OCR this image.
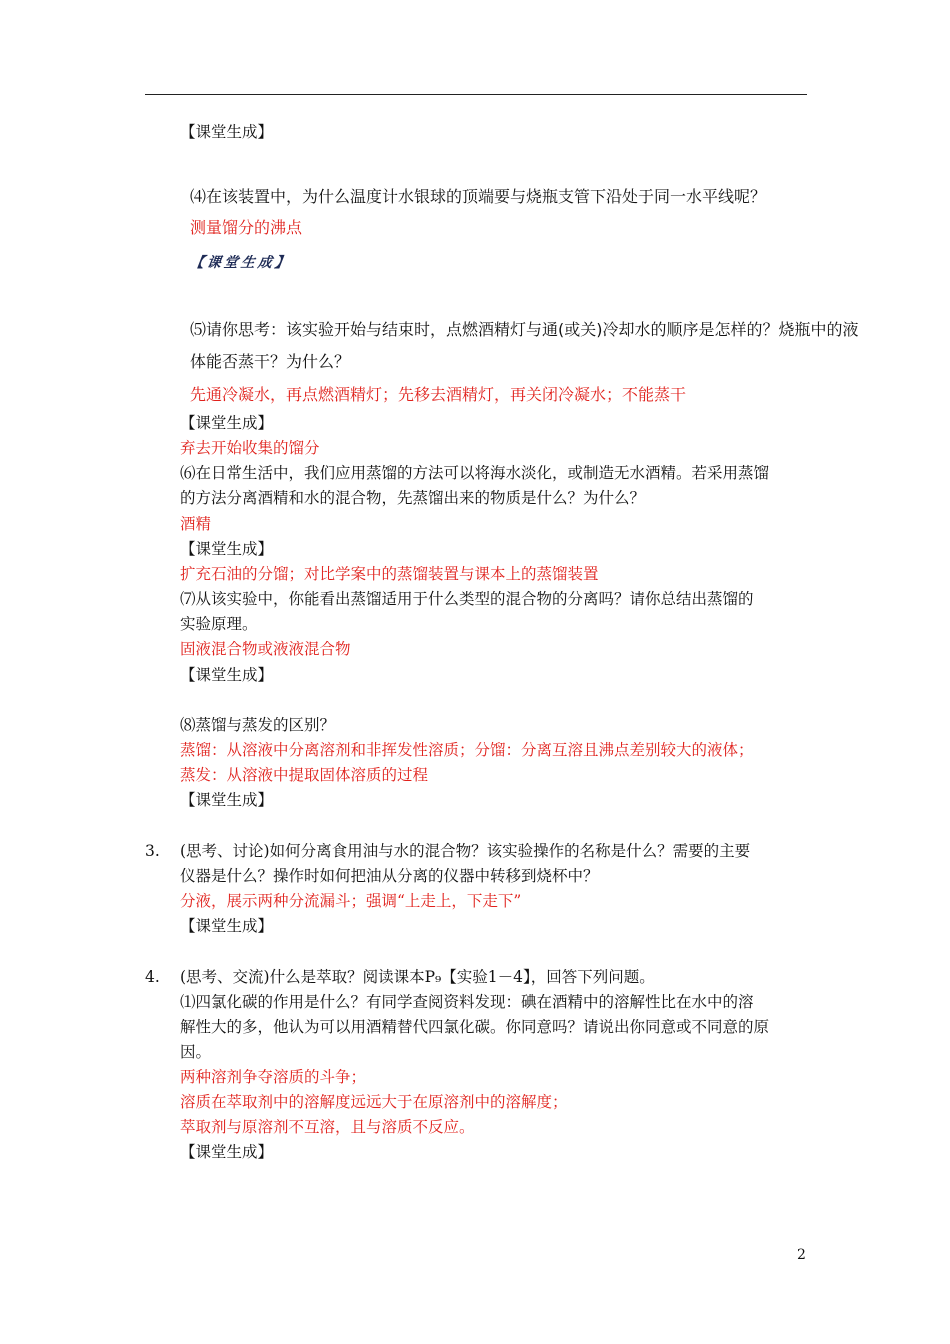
【课堂生成】
⑷在该装置中，为什么温度计水银球的顶端要与烧瓶支管下沿处于同一水平线呢？
测量馏分的沸点
【课堂生成】
⑸请你思考：该实验开始与结束时，点燃酒精灯与通(或关)冷却水的顺序是怎样的？烧瓶中的液
体能否蒸干？为什么？
先通冷凝水，再点燃酒精灯；先移去酒精灯，再关闭冷凝水；不能蒸干
【课堂生成】
弃去开始收集的馏分
⑹在日常生活中，我们应用蒸馏的方法可以将海水淡化，或制造无水酒精。若采用蒸馏
的方法分离酒精和水的混合物，先蒸馏出来的物质是什么？为什么？
酒精
【课堂生成】
扩充石油的分馏；对比学案中的蒸馏装置与课本上的蒸馏装置
⑺从该实验中，你能看出蒸馏适用于什么类型的混合物的分离吗？请你总结出蒸馏的
实验原理。
固液混合物或液液混合物
【课堂生成】
⑻蒸馏与蒸发的区别？
蒸馏：从溶液中分离溶剂和非挥发性溶质；分馏：分离互溶且沸点差别较大的液体；
蒸发：从溶液中提取固体溶质的过程
【课堂生成】
3. (思考、讨论)如何分离食用油与水的混合物？该实验操作的名称是什么？需要的主要
仪器是什么？操作时如何把油从分离的仪器中转移到烧杯中？
分液，展示两种分流漏斗；强调“上走上，下走下”
【课堂生成】
4. (思考、交流)什么是萃取？阅读课本P₉【实验1－4】，回答下列问题。
⑴四氯化碳的作用是什么？有同学查阅资料发现：碘在酒精中的溶解性比在水中的溶
解性大的多，他认为可以用酒精替代四氯化碳。你同意吗？请说出你同意或不同意的原
因。
两种溶剂争夺溶质的斗争；
溶质在萃取剂中的溶解度远远大于在原溶剂中的溶解度；
萃取剂与原溶剂不互溶，且与溶质不反应。
【课堂生成】
2
